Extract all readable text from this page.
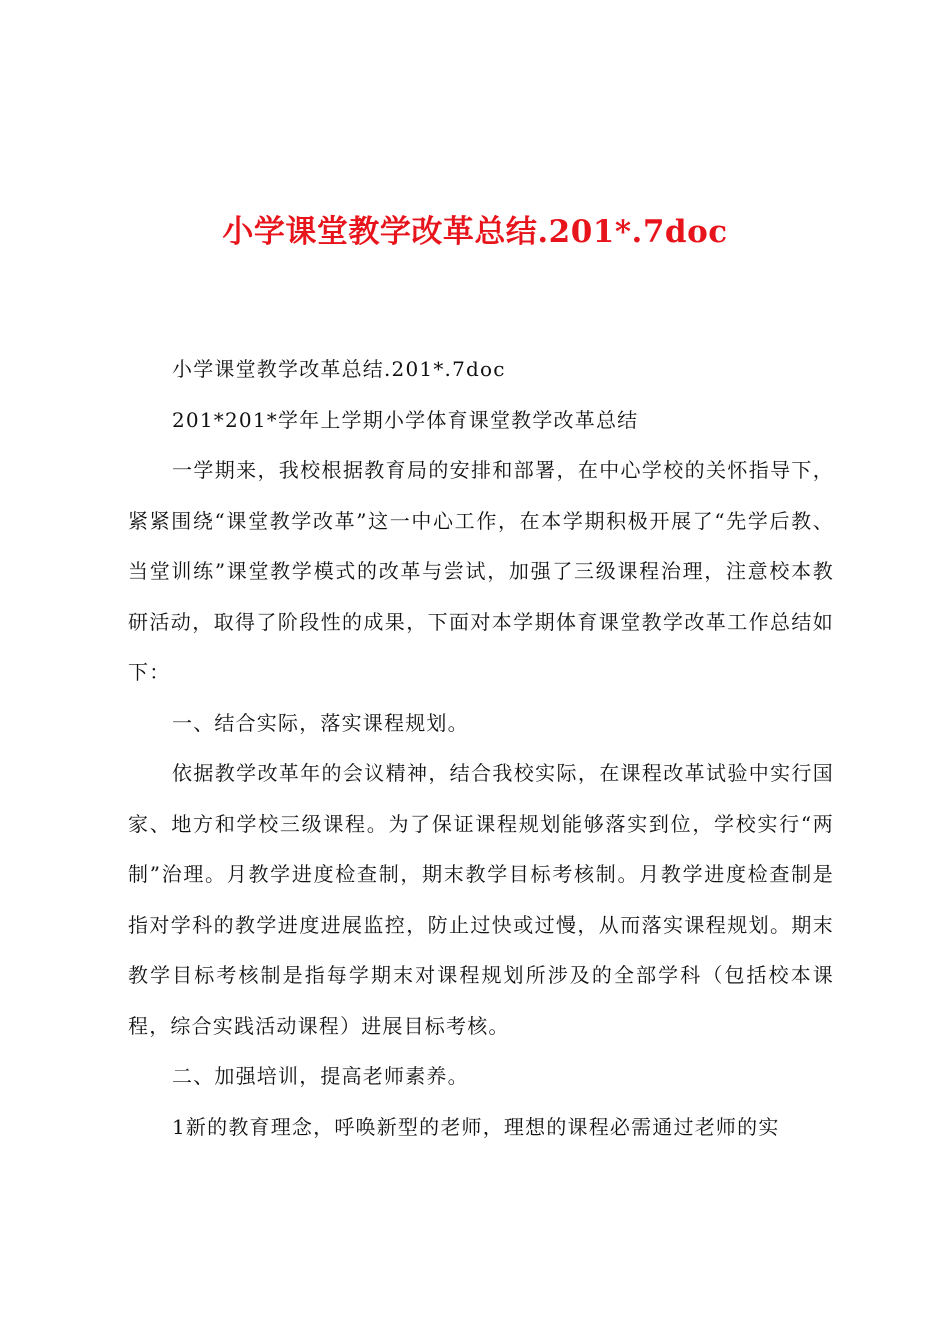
小学课堂教学改革总结.201*.7doc

小学课堂教学改革总结.201*.7doc

201*201*学年上学期小学体育课堂教学改革总结

一学期来，我校根据教育局的安排和部署，在中心学校的关怀指导下，紧紧围绕“课堂教学改革”这一中心工作，在本学期积极开展了“先学后教、当堂训练”课堂教学模式的改革与尝试，加强了三级课程治理，注意校本教研活动，取得了阶段性的成果，下面对本学期体育课堂教学改革工作总结如下：

一、结合实际，落实课程规划。

依据教学改革年的会议精神，结合我校实际，在课程改革试验中实行国家、地方和学校三级课程。为了保证课程规划能够落实到位，学校实行“两制”治理。月教学进度检查制，期末教学目标考核制。月教学进度检查制是指对学科的教学进度进展监控，防止过快或过慢，从而落实课程规划。期末教学目标考核制是指每学期末对课程规划所涉及的全部学科（包括校本课程，综合实践活动课程）进展目标考核。

二、加强培训，提高老师素养。

1新的教育理念，呼唤新型的老师，理想的课程必需通过老师的实
